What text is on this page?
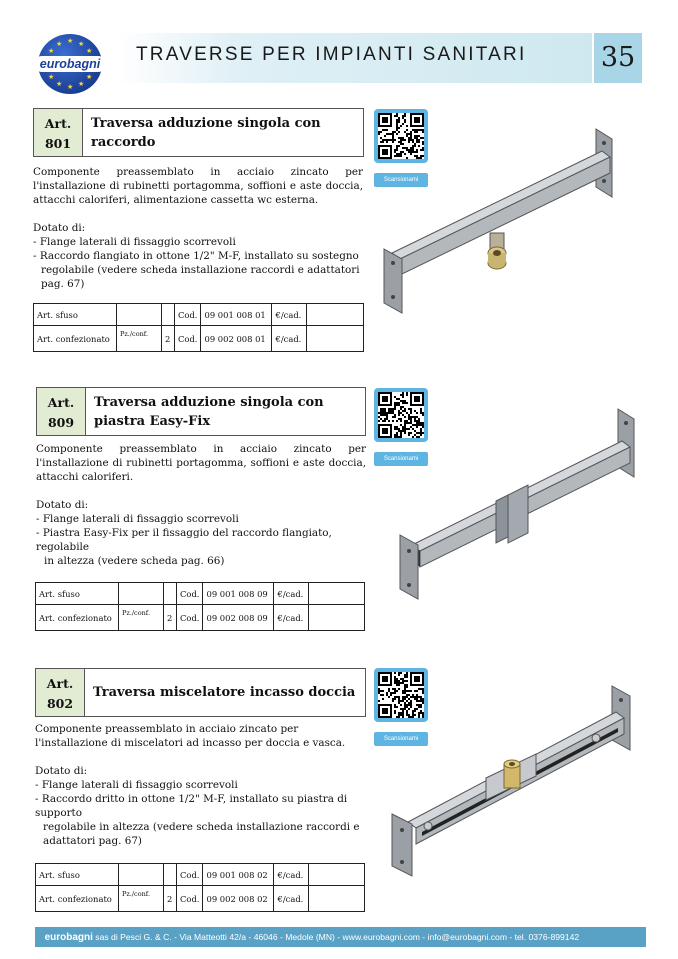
★ ★
★
★
★
★
★
★
★
★
eurobagni	TRAVERSE PER IMPIANTI SANITARI	35
Art.
801
Traversa adduzione singola con raccordo

Componente preassemblato in acciaio zincato per l'installazione di rubinetti portagomma, soffioni e aste doccia, attacchi caloriferi, alimentazione cassetta wc esterna.

Dotato di:

- Flange laterali di fissaggio scorrevoli

- Raccordo flangiato in ottone 1/2" M-F, installato su sostegno

regolabile (vedere scheda installazione raccordi e adattatori pag. 67)

Art. sfuso			Cod.	09 001 008 01	€/cad.	
Art. confezionato	Pz./conf.	2	Cod.	09 002 008 01	€/cad.	
Art.
809
Traversa adduzione singola con piastra Easy-Fix

Componente preassemblato in acciaio zincato per l'installazione di rubinetti portagomma, soffioni e aste doccia, attacchi caloriferi.

Dotato di:

- Flange laterali di fissaggio scorrevoli

- Piastra Easy-Fix per il fissaggio del raccordo flangiato, regolabile

in altezza (vedere scheda pag. 66)

Art. sfuso			Cod.	09 001 008 09	€/cad.	
Art. confezionato	Pz./conf.	2	Cod.	09 002 008 09	€/cad.	
Art.
802
Traversa miscelatore incasso doccia

Componente preassemblato in acciaio zincato per l'installazione di miscelatori ad incasso per doccia e vasca.

Dotato di:

- Flange laterali di fissaggio scorrevoli

- Raccordo dritto in ottone 1/2" M-F, installato su piastra di supporto

regolabile in altezza (vedere scheda installazione raccordi e

adattatori pag. 67)

Art. sfuso			Cod.	09 001 008 02	€/cad.	
Art. confezionato	Pz./conf.	2	Cod.	09 002 008 02	€/cad.	
Scansionami
Scansionami
Scansionami
eurobagni sas di Pesci G. & C. - Via Matteotti 42/a - 46046 - Medole (MN) - www.eurobagni.com - info@eurobagni.com - tel. 0376-899142
